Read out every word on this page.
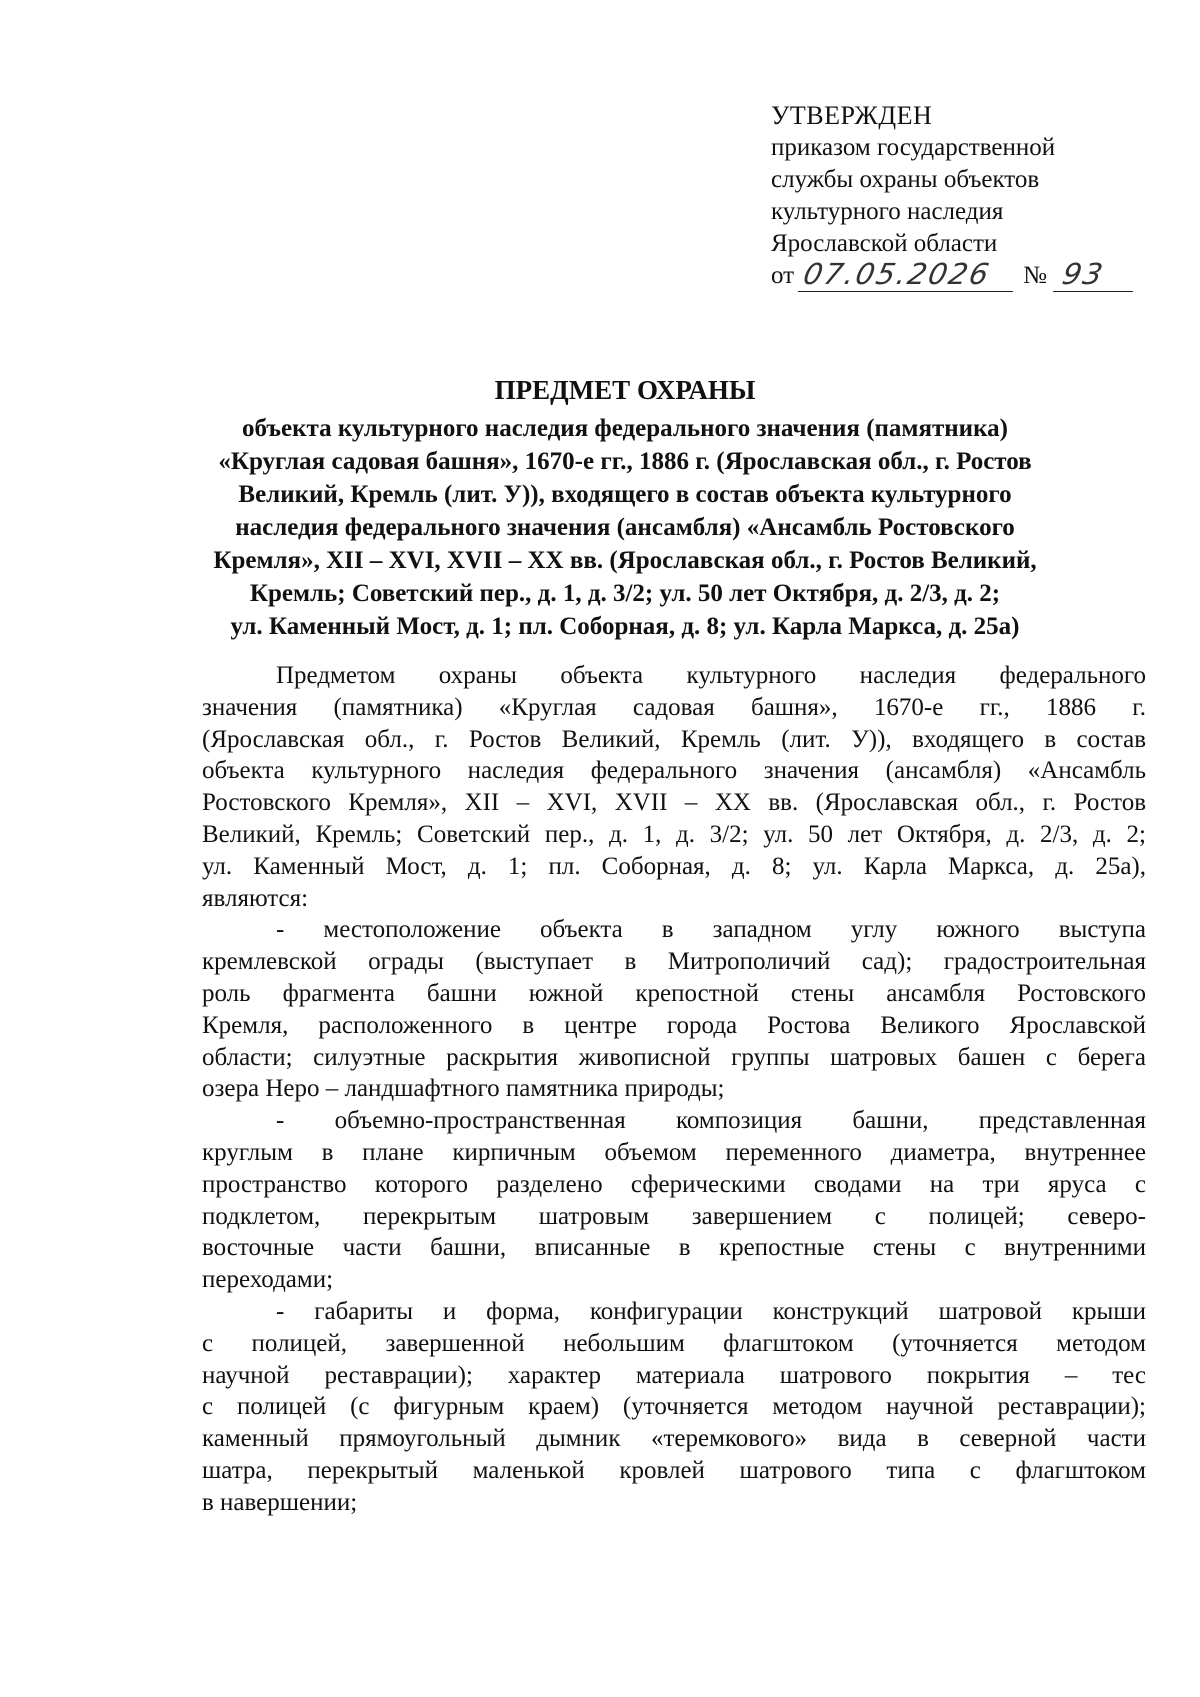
УТВЕРЖДЕН
приказом государственной
службы охраны объектов
культурного наследия
Ярославской области
от 07.05.2026 № 93
ПРЕДМЕТ ОХРАНЫ
объекта культурного наследия федерального значения (памятника)
«Круглая садовая башня», 1670-е гг., 1886 г. (Ярославская обл., г. Ростов
Великий, Кремль (лит. У)), входящего в состав объекта культурного
наследия федерального значения (ансамбля) «Ансамбль Ростовского
Кремля», XII – XVI, XVII – XX вв. (Ярославская обл., г. Ростов Великий,
Кремль; Советский пер., д. 1, д. 3/2; ул. 50 лет Октября, д. 2/3, д. 2;
ул. Каменный Мост, д. 1; пл. Соборная, д. 8; ул. Карла Маркса, д. 25а)
Предметом охраны объекта культурного наследия федерального
значения (памятника) «Круглая садовая башня», 1670-е гг., 1886 г.
(Ярославская обл., г. Ростов Великий, Кремль (лит. У)), входящего в состав
объекта культурного наследия федерального значения (ансамбля) «Ансамбль
Ростовского Кремля», XII – XVI, XVII – XX вв. (Ярославская обл., г. Ростов
Великий, Кремль; Советский пер., д. 1, д. 3/2; ул. 50 лет Октября, д. 2/3, д. 2;
ул. Каменный Мост, д. 1; пл. Соборная, д. 8; ул. Карла Маркса, д. 25а),
являются:
- местоположение объекта в западном углу южного выступа
кремлевской ограды (выступает в Митрополичий сад); градостроительная
роль фрагмента башни южной крепостной стены ансамбля Ростовского
Кремля, расположенного в центре города Ростова Великого Ярославской
области; силуэтные раскрытия живописной группы шатровых башен с берега
озера Неро – ландшафтного памятника природы;
- объемно-пространственная композиция башни, представленная
круглым в плане кирпичным объемом переменного диаметра, внутреннее
пространство которого разделено сферическими сводами на три яруса с
подклетом, перекрытым шатровым завершением с полицей; северо-
восточные части башни, вписанные в крепостные стены с внутренними
переходами;
- габариты и форма, конфигурации конструкций шатровой крыши
с полицей, завершенной небольшим флагштоком (уточняется методом
научной реставрации); характер материала шатрового покрытия – тес
с полицей (с фигурным краем) (уточняется методом научной реставрации);
каменный прямоугольный дымник «теремкового» вида в северной части
шатра, перекрытый маленькой кровлей шатрового типа с флагштоком
в навершении;
